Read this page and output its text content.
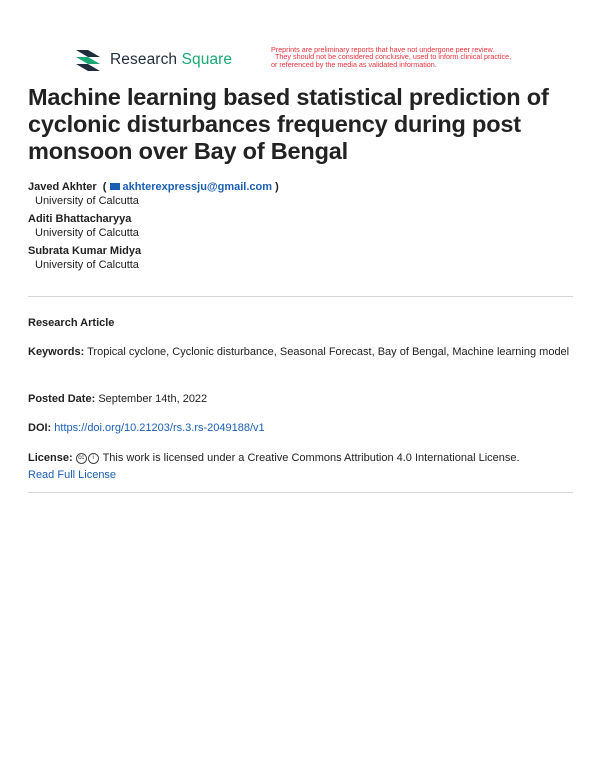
Research Square
Preprints are preliminary reports that have not undergone peer review.
They should not be considered conclusive, used to inform clinical practice,
or referenced by the media as validated information.
Machine learning based statistical prediction of cyclonic disturbances frequency during post monsoon over Bay of Bengal
Javed Akhter  ( akhterexpressju@gmail.com )
University of Calcutta
Aditi Bhattacharyya
University of Calcutta
Subrata Kumar Midya
University of Calcutta
Research Article
Keywords: Tropical cyclone, Cyclonic disturbance, Seasonal Forecast, Bay of Bengal, Machine learning model
Posted Date: September 14th, 2022
DOI: https://doi.org/10.21203/rs.3.rs-2049188/v1
License: cc i This work is licensed under a Creative Commons Attribution 4.0 International License.
Read Full License
